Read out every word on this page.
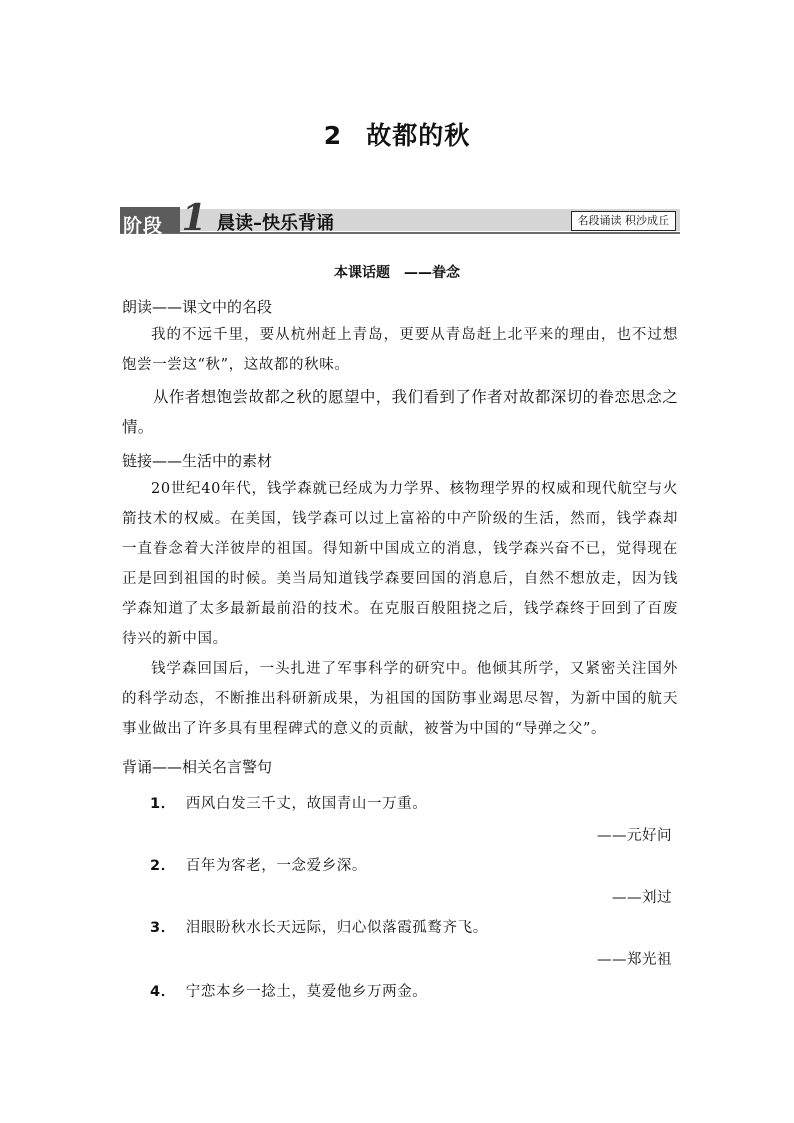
2 故都的秋
阶段 1 晨读–快乐背诵	名段诵读 积沙成丘
本课话题　——眷念
朗读——课文中的名段
我的不远千里，要从杭州赶上青岛，更要从青岛赶上北平来的理由，也不过想饱尝一尝这“秋”，这故都的秋味。
从作者想饱尝故都之秋的愿望中，我们看到了作者对故都深切的眷恋思念之情。
链接——生活中的素材
20世纪40年代，钱学森就已经成为力学界、核物理学界的权威和现代航空与火箭技术的权威。在美国，钱学森可以过上富裕的中产阶级的生活，然而，钱学森却一直眷念着大洋彼岸的祖国。得知新中国成立的消息，钱学森兴奋不已，觉得现在正是回到祖国的时候。美当局知道钱学森要回国的消息后，自然不想放走，因为钱学森知道了太多最新最前沿的技术。在克服百般阻挠之后，钱学森终于回到了百废待兴的新中国。
钱学森回国后，一头扎进了军事科学的研究中。他倾其所学，又紧密关注国外的科学动态，不断推出科研新成果，为祖国的国防事业竭思尽智，为新中国的航天事业做出了许多具有里程碑式的意义的贡献，被誉为中国的“导弹之父”。
背诵——相关名言警句
1． 西风白发三千丈，故国青山一万重。
——元好问
2． 百年为客老，一念爱乡深。
——刘过
3． 泪眼盼秋水长天远际，归心似落霞孤鹜齐飞。
——郑光祖
4． 宁恋本乡一捻土，莫爱他乡万两金。
